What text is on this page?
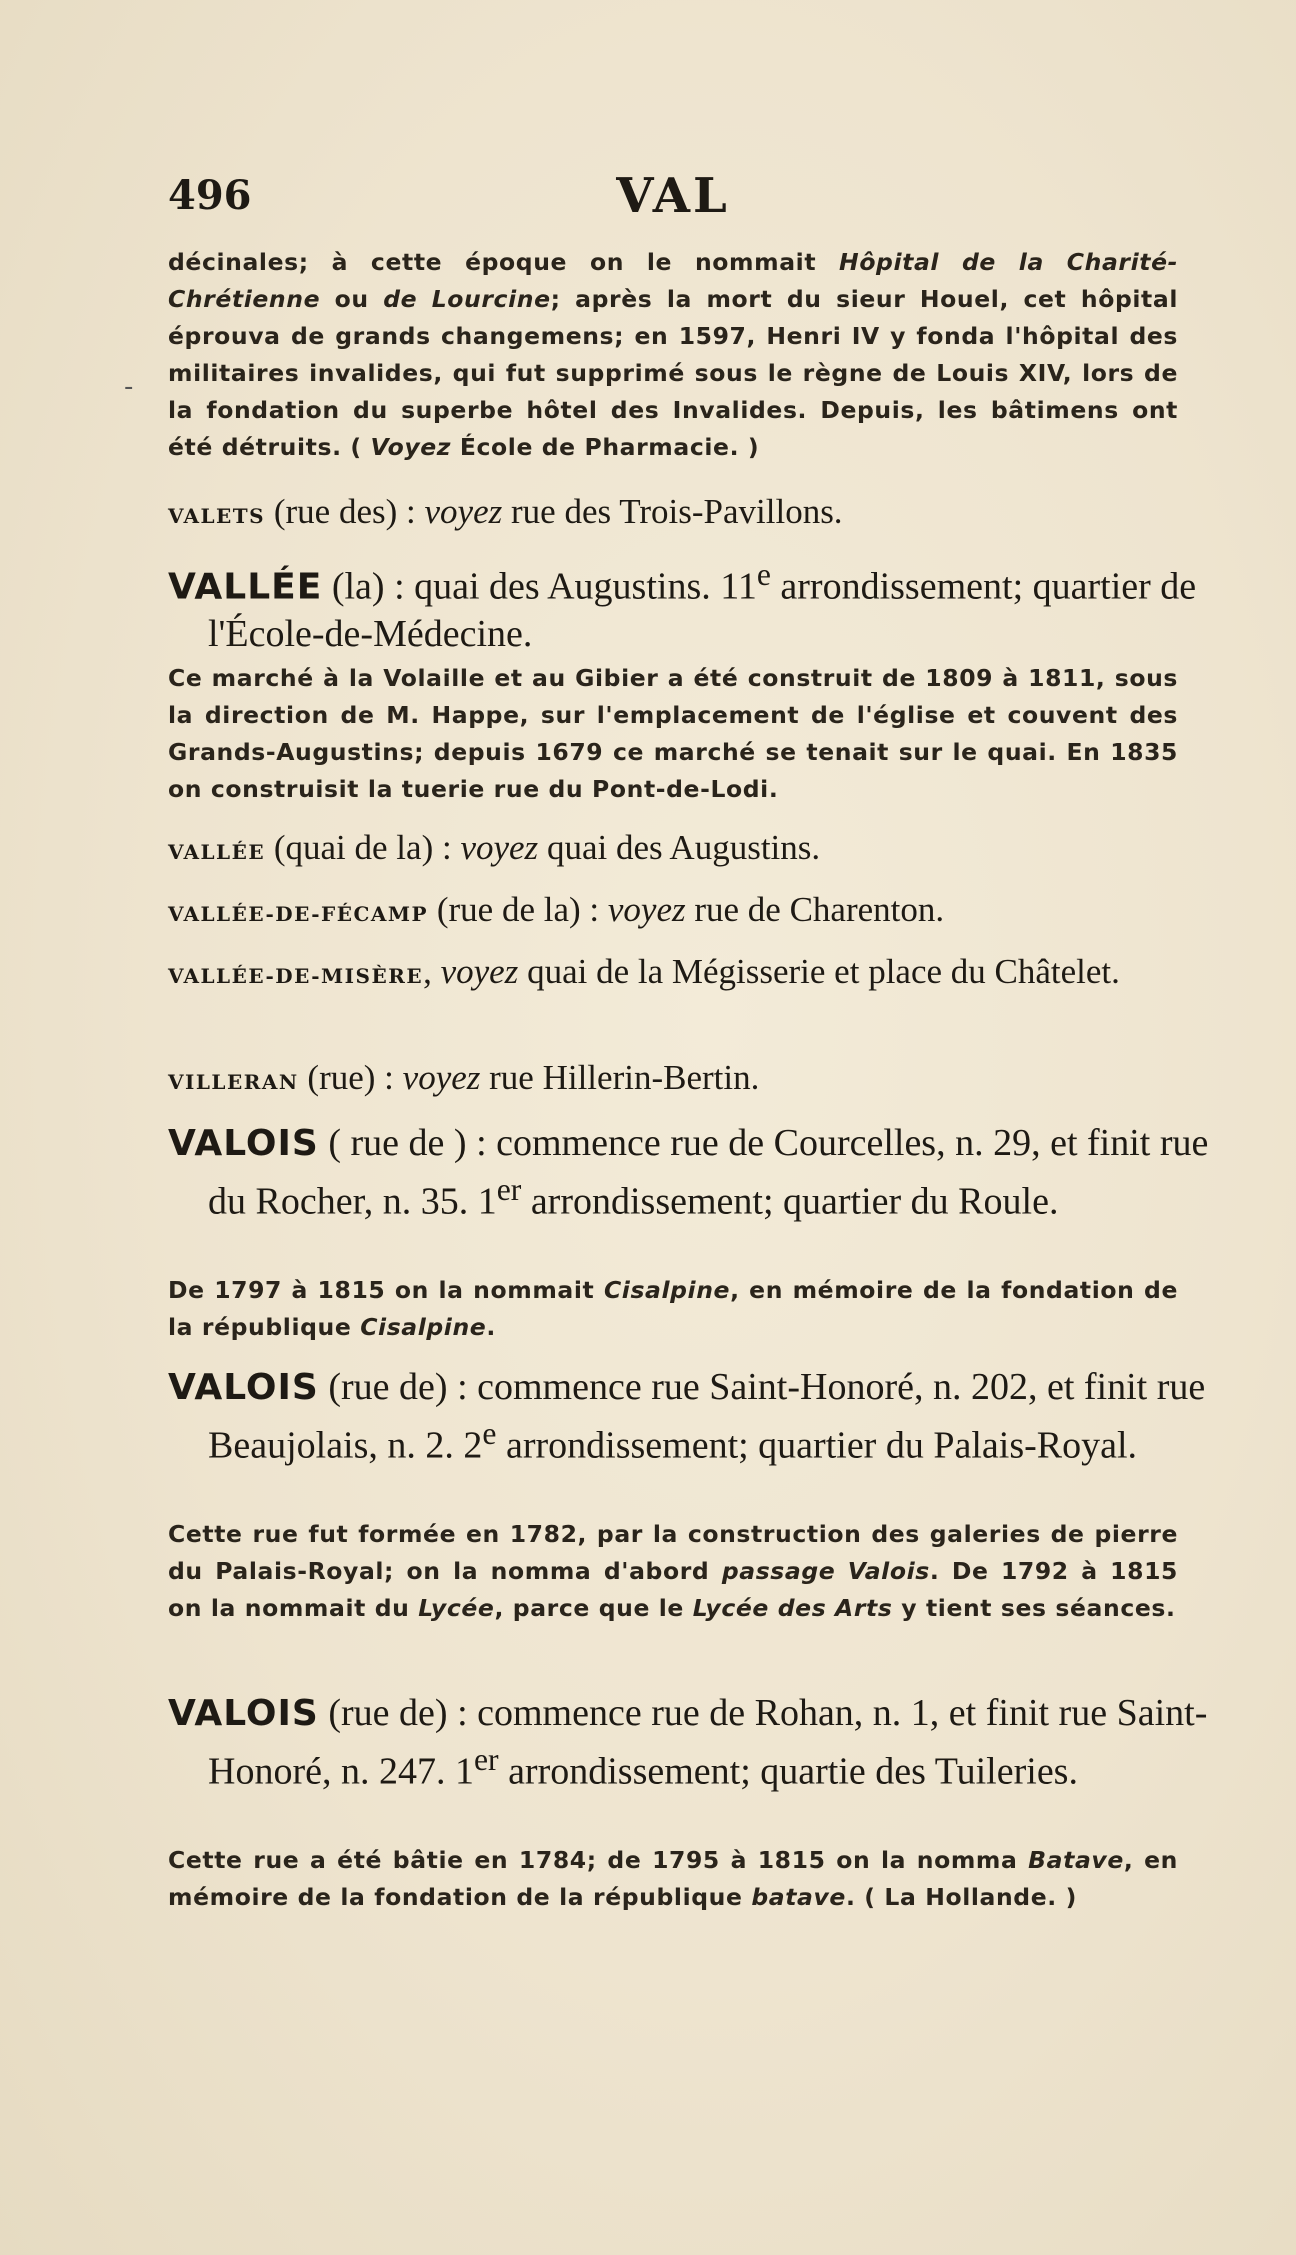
496	VAL
-
décinales; à cette époque on le nommait Hôpital de la Charité-Chrétienne ou de Lourcine; après la mort du sieur Houel, cet hôpital éprouva de grands changemens; en 1597, Henri IV y fonda l'hôpital des militaires invalides, qui fut supprimé sous le règne de Louis XIV, lors de la fondation du superbe hôtel des Invalides. Depuis, les bâtimens ont été détruits. ( Voyez École de Pharmacie. )
VALETS (rue des) : voyez rue des Trois-Pavillons.
VALLÉE (la) : quai des Augustins. 11e arrondissement; quartier de l'École-de-Médecine.
Ce marché à la Volaille et au Gibier a été construit de 1809 à 1811, sous la direction de M. Happe, sur l'emplacement de l'église et couvent des Grands-Augustins; depuis 1679 ce marché se tenait sur le quai. En 1835 on construisit la tuerie rue du Pont-de-Lodi.
VALLÉE (quai de la) : voyez quai des Augustins.
VALLÉE-DE-FÉCAMP (rue de la) : voyez rue de Charenton.
VALLÉE-DE-MISÈRE, voyez quai de la Mégisserie et place du Châtelet.
VILLERAN (rue) : voyez rue Hillerin-Bertin.
VALOIS ( rue de ) : commence rue de Courcelles, n. 29, et finit rue du Rocher, n. 35. 1er arrondissement; quartier du Roule.
De 1797 à 1815 on la nommait Cisalpine, en mémoire de la fondation de la république Cisalpine.
VALOIS (rue de) : commence rue Saint-Honoré, n. 202, et finit rue Beaujolais, n. 2. 2e arrondissement; quartier du Palais-Royal.
Cette rue fut formée en 1782, par la construction des galeries de pierre du Palais-Royal; on la nomma d'abord passage Valois. De 1792 à 1815 on la nommait du Lycée, parce que le Lycée des Arts y tient ses séances.
VALOIS (rue de) : commence rue de Rohan, n. 1, et finit rue Saint-Honoré, n. 247. 1er arrondissement; quartie des Tuileries.
Cette rue a été bâtie en 1784; de 1795 à 1815 on la nomma Batave, en mémoire de la fondation de la république batave. ( La Hollande. )
